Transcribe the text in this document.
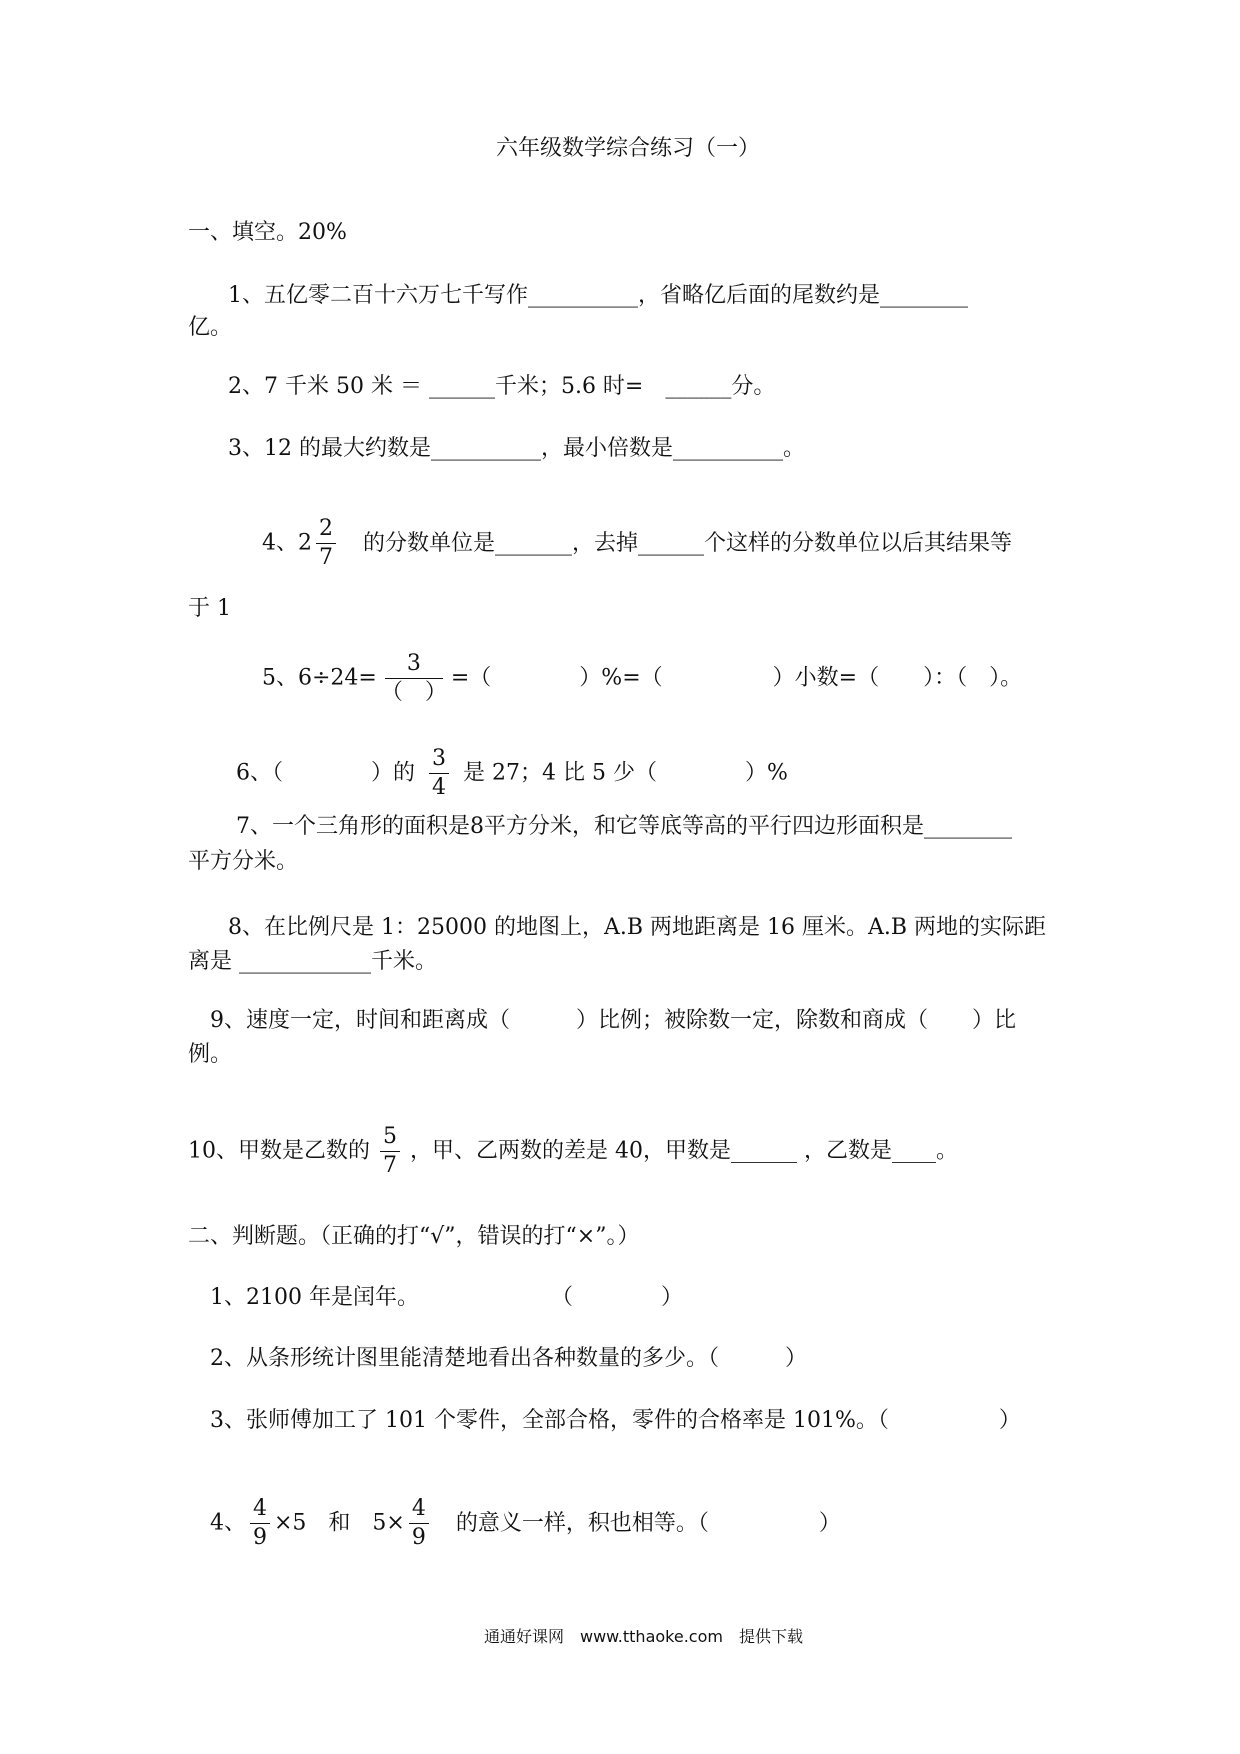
六年级数学综合练习（一）
一、填空。20%
1、五亿零二百十六万七千写作__________，省略亿后面的尾数约是________
亿。
2、7 千米 50 米 ＝ ______千米；5.6 时=　______分。
3、12 的最大约数是__________，最小倍数是__________。
4、$2 \frac{2}{7}$ 的分数单位是_______，去掉______个这样的分数单位以后其结果等
于 1
5、$6\div 24= \frac{3}{( )}$ =（　　　　）%=（　　　　　）小数=（　　）：（　）。
6、（　　　　）的 $\frac{3}{4}$ 是 27；4 比 5 少（　　　　）%
7、一个三角形的面积是8平方分米，和它等底等高的平行四边形面积是________
平方分米。
8、在比例尺是 1：25000 的地图上，A.B 两地距离是 16 厘米。A.B 两地的实际距
离是 ____________千米。
9、速度一定，时间和距离成（　　　）比例；被除数一定，除数和商成（　　）比
例。
10、甲数是乙数的 $\frac{5}{7}$ ，甲、乙两数的差是 40，甲数是______ ，乙数是____。
二、判断题。（正确的打“√”，错误的打“×”。）
1、2100 年是闰年。　　　　　　　（　　　　）
2、从条形统计图里能清楚地看出各种数量的多少。（　　　）
3、张师傅加工了 101 个零件，全部合格，零件的合格率是 101%。（　　　　　）
4、 $\frac{4}{9} \times 5$　和　$5\times \frac{4}{9}$ 的意义一样，积也相等。（　　　　　）
通通好课网　www.tthaoke.com　提供下载
